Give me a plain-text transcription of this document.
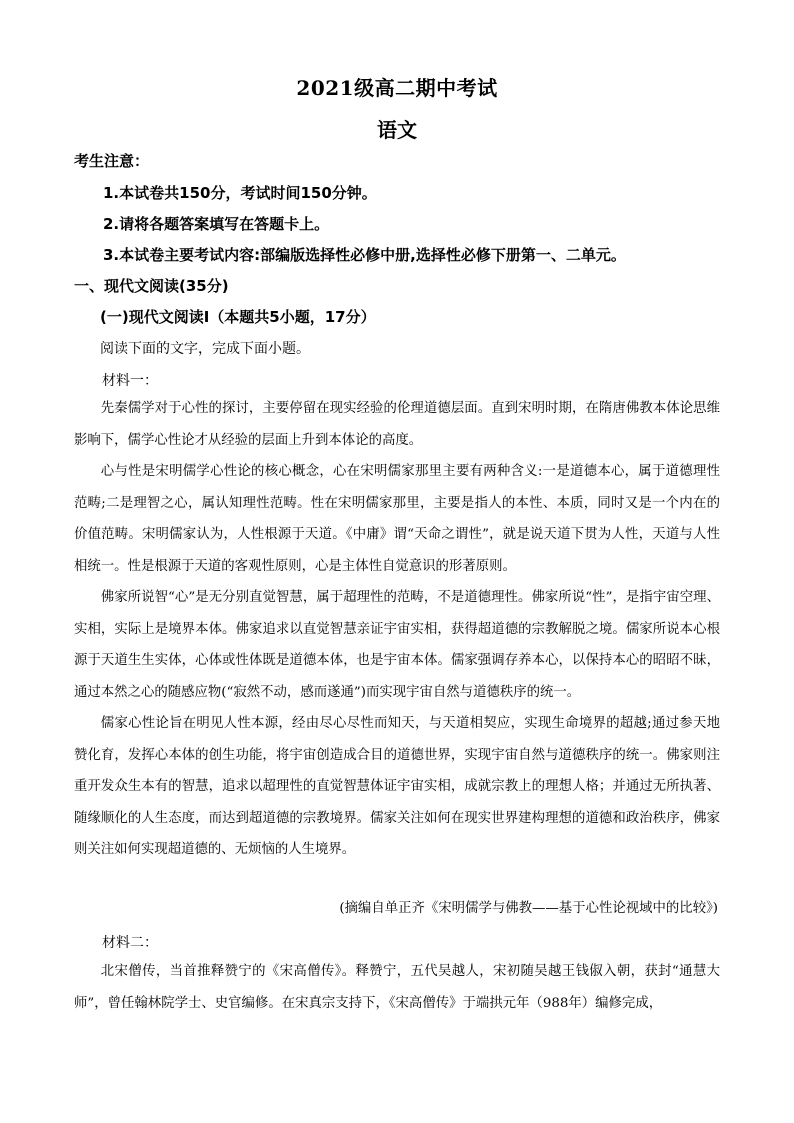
2021级高二期中考试
语文
考生注意：
1.本试卷共150分，考试时间150分钟。
2.请将各题答案填写在答题卡上。
3.本试卷主要考试内容:部编版选择性必修中册,选择性必修下册第一、二单元。
一、现代文阅读(35分)
(一)现代文阅读Ⅰ（本题共5小题，17分）
阅读下面的文字，完成下面小题。
材料一：

先秦儒学对于心性的探讨，主要停留在现实经验的伦理道德层面。直到宋明时期，在隋唐佛教本体论思维影响下，儒学心性论才从经验的层面上升到本体论的高度。

心与性是宋明儒学心性论的核心概念，心在宋明儒家那里主要有两种含义:一是道德本心，属于道德理性范畴;二是理智之心，属认知理性范畴。性在宋明儒家那里，主要是指人的本性、本质，同时又是一个内在的价值范畴。宋明儒家认为，人性根源于天道。《中庸》谓“天命之谓性”，就是说天道下贯为人性，天道与人性相统一。性是根源于天道的客观性原则，心是主体性自觉意识的形著原则。

佛家所说智“心”是无分别直觉智慧，属于超理性的范畴，不是道德理性。佛家所说“性”，是指宇宙空理、实相，实际上是境界本体。佛家追求以直觉智慧亲证宇宙实相，获得超道德的宗教解脱之境。儒家所说本心根源于天道生生实体，心体或性体既是道德本体，也是宇宙本体。儒家强调存养本心，以保持本心的昭昭不昧，通过本然之心的随感应物(“寂然不动，感而遂通”)而实现宇宙自然与道德秩序的统一。

儒家心性论旨在明见人性本源，经由尽心尽性而知天，与天道相契应，实现生命境界的超越;通过参天地赞化育，发挥心本体的创生功能，将宇宙创造成合目的道德世界，实现宇宙自然与道德秩序的统一。佛家则注重开发众生本有的智慧，追求以超理性的直觉智慧体证宇宙实相，成就宗教上的理想人格；并通过无所执著、随缘顺化的人生态度，而达到超道德的宗教境界。儒家关注如何在现实世界建构理想的道德和政治秩序，佛家则关注如何实现超道德的、无烦恼的人生境界。

(摘编自单正齐《宋明儒学与佛教——基于心性论视域中的比较》)
材料二：

北宋僧传，当首推释赞宁的《宋高僧传》。释赞宁，五代吴越人，宋初随吴越王钱俶入朝，获封“通慧大师”，曾任翰林院学士、史官编修。在宋真宗支持下，《宋高僧传》于端拱元年（988年）编修完成，
